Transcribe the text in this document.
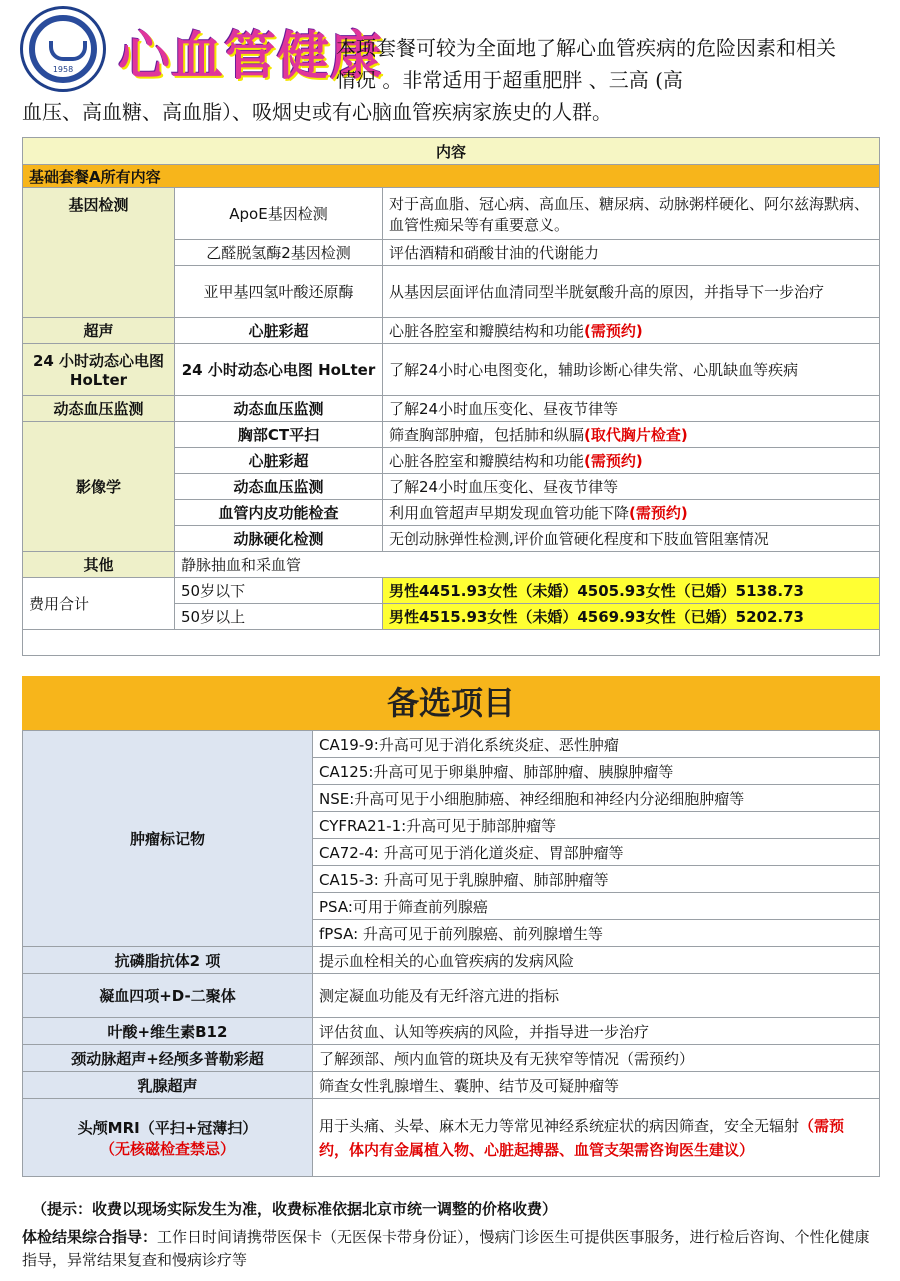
1958 心血管健康
本项套餐可较为全面地了解心血管疾病的危险因素和相关情况 。非常适用于超重肥胖 、三高 (高
血压、高血糖、高血脂）、吸烟史或有心脑血管疾病家族史的人群。
内容		
基础套餐A所有内容		
基因检测	ApoE基因检测	对于高血脂、冠心病、高血压、糖尿病、动脉粥样硬化、阿尔兹海默病、血管性痴呆等有重要意义。
	乙醛脱氢酶2基因检测	评估酒精和硝酸甘油的代谢能力
	亚甲基四氢叶酸还原酶	从基因层面评估血清同型半胱氨酸升高的原因，并指导下一步治疗
超声	心脏彩超	心脏各腔室和瓣膜结构和功能(需预约)
24 小时动态心电图HoLter	24 小时动态心电图 HoLter	了解24小时心电图变化，辅助诊断心律失常、心肌缺血等疾病
动态血压监测	动态血压监测	了解24小时血压变化、昼夜节律等
影像学	胸部CT平扫	筛查胸部肿瘤，包括肺和纵膈(取代胸片检查)
	心脏彩超	心脏各腔室和瓣膜结构和功能(需预约)
	动态血压监测	了解24小时血压变化、昼夜节律等
	血管内皮功能检查	利用血管超声早期发现血管功能下降(需预约)
	动脉硬化检测	无创动脉弹性检测,评价血管硬化程度和下肢血管阻塞情况
其他	静脉抽血和采血管	
费用合计	50岁以下	男性4451.93女性（未婚）4505.93女性（已婚）5138.73
	50岁以上	男性4515.93女性（未婚）4569.93女性（已婚）5202.73

备选项目
肿瘤标记物	CA19-9:升高可见于消化系统炎症、恶性肿瘤
	CA125:升高可见于卵巢肿瘤、肺部肿瘤、胰腺肿瘤等
	NSE:升高可见于小细胞肺癌、神经细胞和神经内分泌细胞肿瘤等
	CYFRA21-1:升高可见于肺部肿瘤等
	CA72-4: 升高可见于消化道炎症、胃部肿瘤等
	CA15-3: 升高可见于乳腺肿瘤、肺部肿瘤等
	PSA:可用于筛查前列腺癌
	fPSA: 升高可见于前列腺癌、前列腺增生等
抗磷脂抗体2 项	提示血栓相关的心血管疾病的发病风险
凝血四项+D-二聚体	测定凝血功能及有无纤溶亢进的指标
叶酸+维生素B12	评估贫血、认知等疾病的风险，并指导进一步治疗
颈动脉超声+经颅多普勒彩超	了解颈部、颅内血管的斑块及有无狭窄等情况（需预约）
乳腺超声	筛查女性乳腺增生、囊肿、结节及可疑肿瘤等

头颅MRI（平扫+冠薄扫）
（无核磁检查禁忌）	用于头痛、头晕、麻木无力等常见神经系统症状的病因筛查，安全无辐射（需预约，体内有金属植入物、心脏起搏器、血管支架需咨询医生建议）
（提示：收费以现场实际发生为准，收费标准依据北京市统一调整的价格收费）
体检结果综合指导：工作日时间请携带医保卡（无医保卡带身份证），慢病门诊医生可提供医事服务，进行检后咨询、个性化健康指导，异常结果复查和慢病诊疗等
